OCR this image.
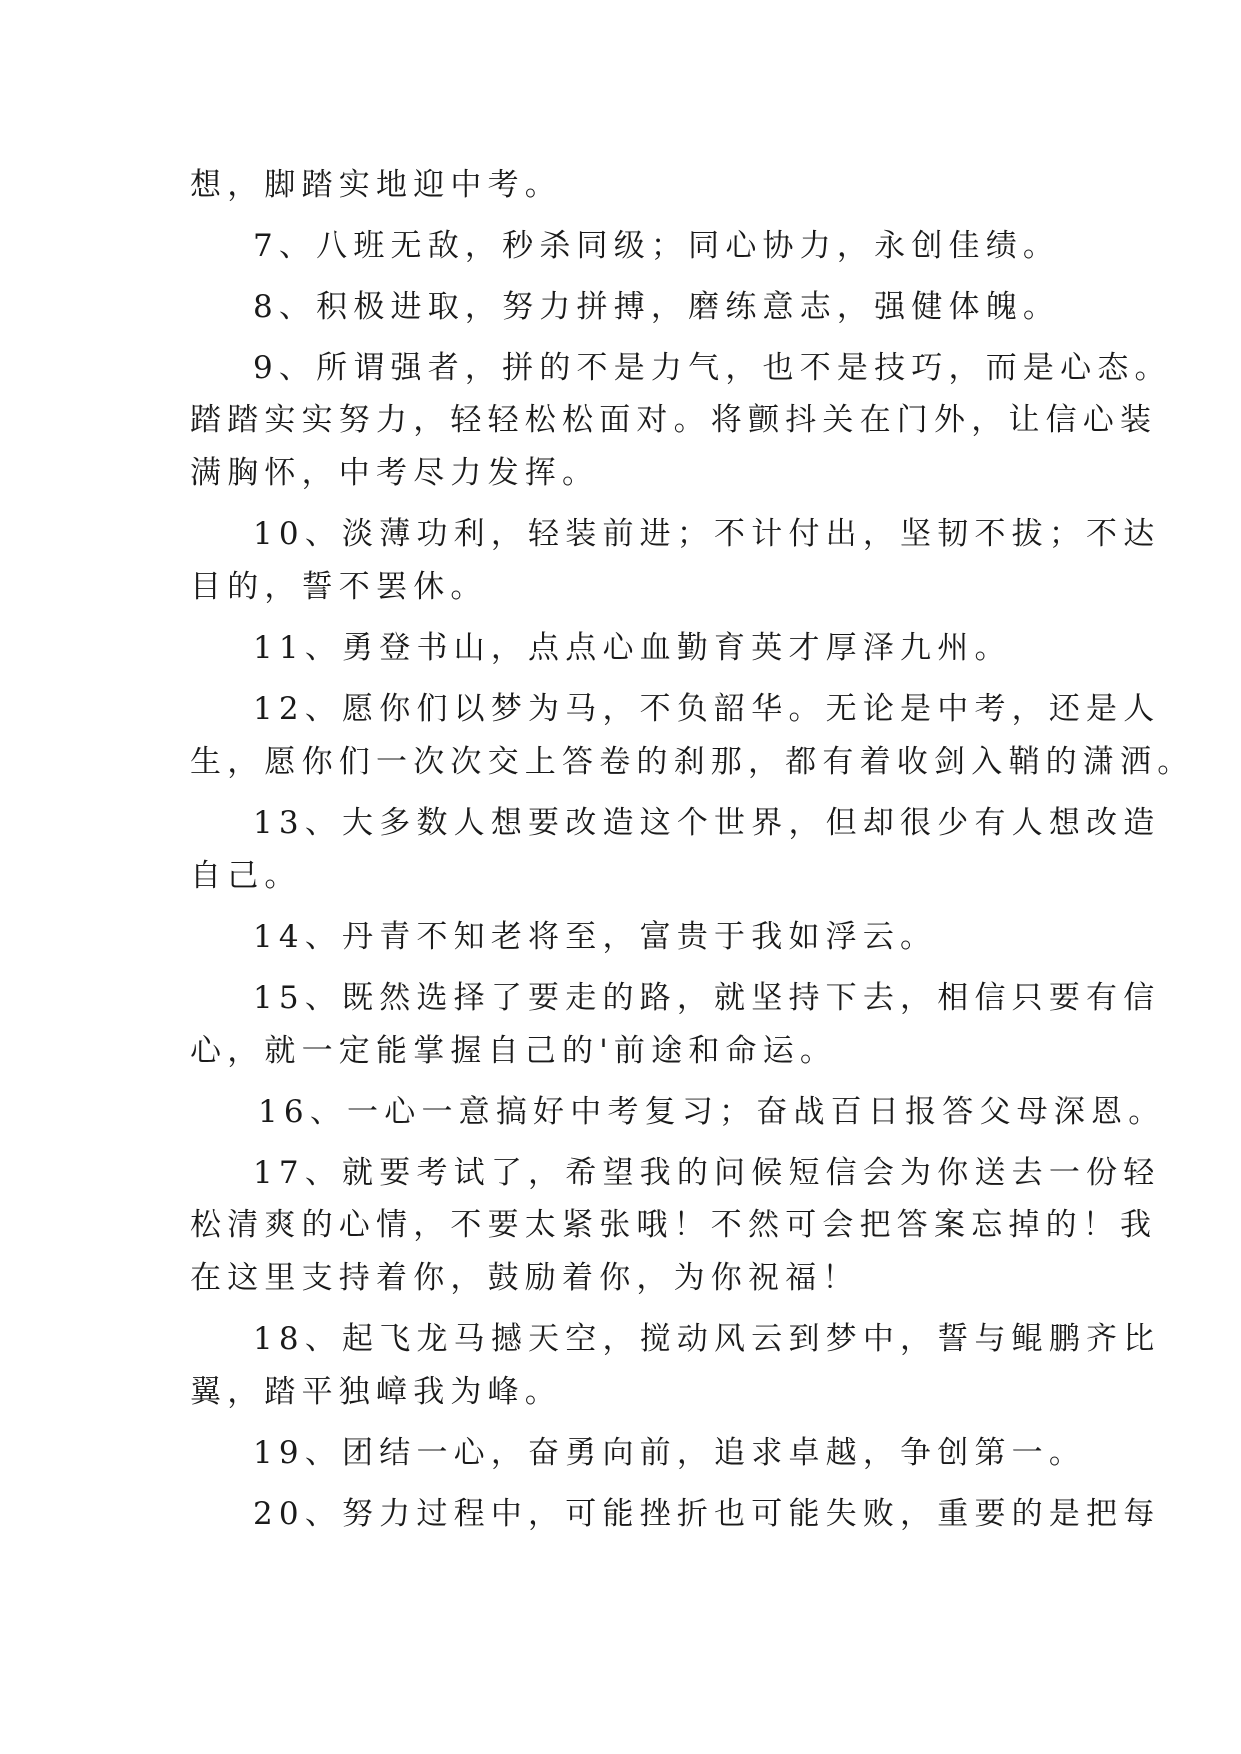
想，脚踏实地迎中考。

7、八班无敌，秒杀同级；同心协力，永创佳绩。

8、积极进取，努力拼搏，磨练意志，强健体魄。

9、所谓强者，拼的不是力气，也不是技巧，而是心态。

踏踏实实努力，轻轻松松面对。将颤抖关在门外，让信心装

满胸怀，中考尽力发挥。

10、淡薄功利，轻装前进；不计付出，坚韧不拔；不达

目的，誓不罢休。

11、勇登书山，点点心血勤育英才厚泽九州。

12、愿你们以梦为马，不负韶华。无论是中考，还是人

生，愿你们一次次交上答卷的刹那，都有着收剑入鞘的潇洒。

13、大多数人想要改造这个世界，但却很少有人想改造

自己。

14、丹青不知老将至，富贵于我如浮云。

15、既然选择了要走的路，就坚持下去，相信只要有信

心，就一定能掌握自己的'前途和命运。

16、一心一意搞好中考复习；奋战百日报答父母深恩。

17、就要考试了，希望我的问候短信会为你送去一份轻

松清爽的心情，不要太紧张哦！不然可会把答案忘掉的！我

在这里支持着你，鼓励着你，为你祝福！

18、起飞龙马撼天空，搅动风云到梦中，誓与鲲鹏齐比

翼，踏平独嶂我为峰。

19、团结一心，奋勇向前，追求卓越，争创第一。

20、努力过程中，可能挫折也可能失败，重要的是把每
